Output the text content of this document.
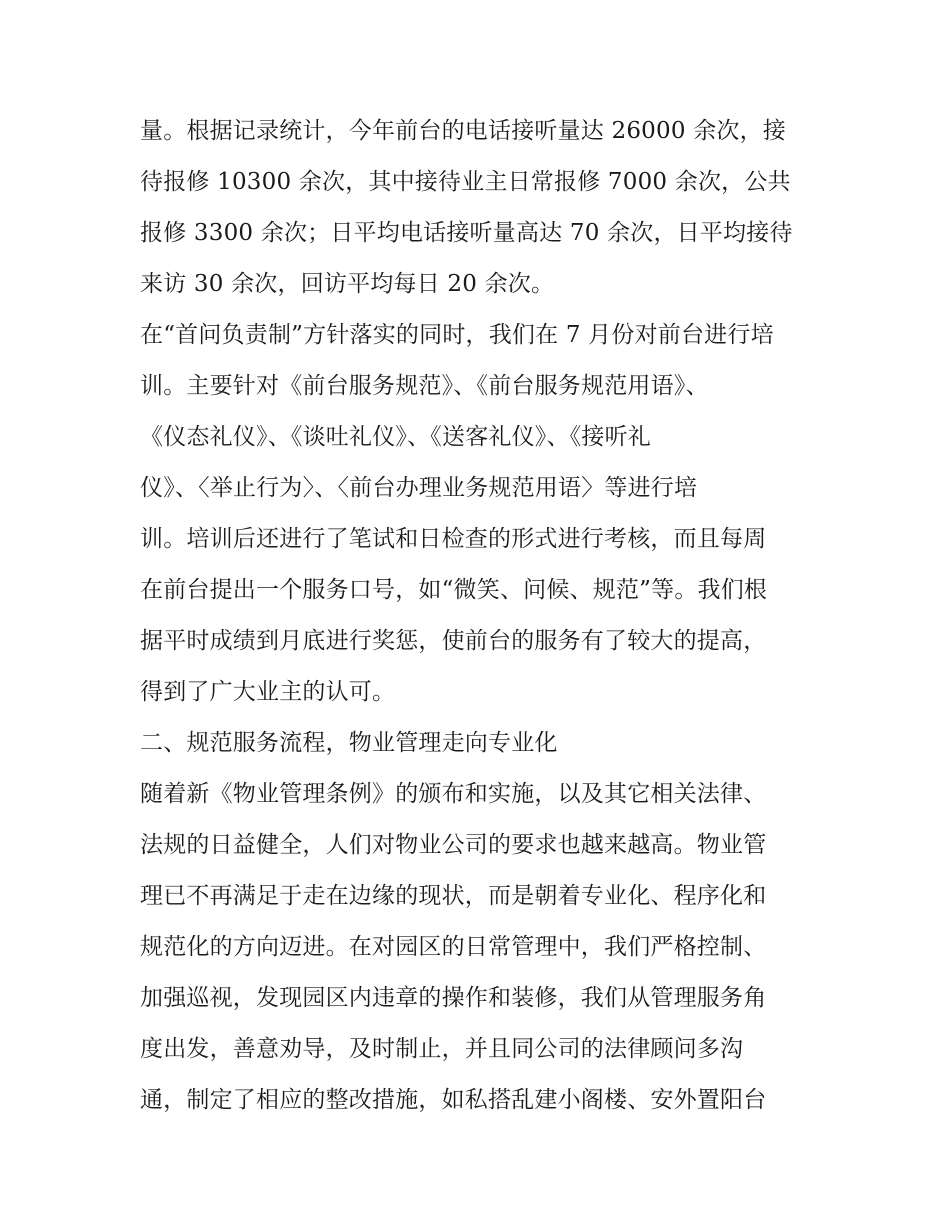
量。根据记录统计，今年前台的电话接听量达 26000 余次，接
待报修 10300 余次，其中接待业主日常报修 7000 余次，公共
报修 3300 余次；日平均电话接听量高达 70 余次，日平均接待
来访 30 余次，回访平均每日 20 余次。
在“首问负责制”方针落实的同时，我们在 7 月份对前台进行培
训。主要针对《前台服务规范》、《前台服务规范用语》、
《仪态礼仪》、《谈吐礼仪》、《送客礼仪》、《接听礼
仪》、〈举止行为〉、〈前台办理业务规范用语〉等进行培
训。培训后还进行了笔试和日检查的形式进行考核，而且每周
在前台提出一个服务口号，如“微笑、问候、规范”等。我们根
据平时成绩到月底进行奖惩，使前台的服务有了较大的提高，
得到了广大业主的认可。
二、规范服务流程，物业管理走向专业化
随着新《物业管理条例》的颁布和实施，以及其它相关法律、
法规的日益健全，人们对物业公司的要求也越来越高。物业管
理已不再满足于走在边缘的现状，而是朝着专业化、程序化和
规范化的方向迈进。在对园区的日常管理中，我们严格控制、
加强巡视，发现园区内违章的操作和装修，我们从管理服务角
度出发，善意劝导，及时制止，并且同公司的法律顾问多沟
通，制定了相应的整改措施，如私搭乱建小阁楼、安外置阳台
